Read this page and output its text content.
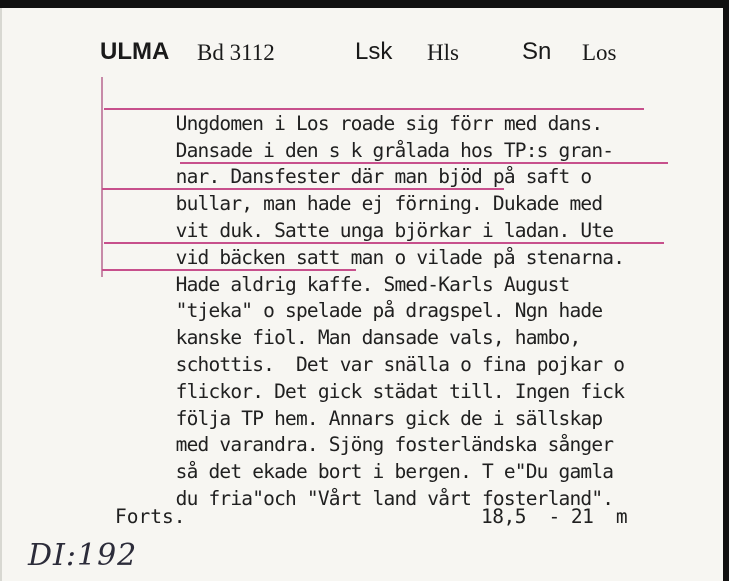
ULMA Bd 3112	Lsk Hls	Sn Los

Ungdomen i Los roade sig förr med dans.

Dansade i den s k grålada hos TP:s gran-

nar. Dansfester där man bjöd på saft o

bullar, man hade ej förning. Dukade med

vit duk. Satte unga björkar i ladan. Ute

vid bäcken satt man o vilade på stenarna.

Hade aldrig kaffe. Smed-Karls August

"tjeka" o spelade på dragspel. Ngn hade

kanske fiol. Man dansade vals, hambo,

schottis.  Det var snälla o fina pojkar o

flickor. Det gick städat till. Ingen fick

följa TP hem. Annars gick de i sällskap

med varandra. Sjöng fosterländska sånger

så det ekade bort i bergen. T e"Du gamla

du fria"och "Vårt land vårt fosterland".

Forts.	18,5  - 21  m
DI:192
